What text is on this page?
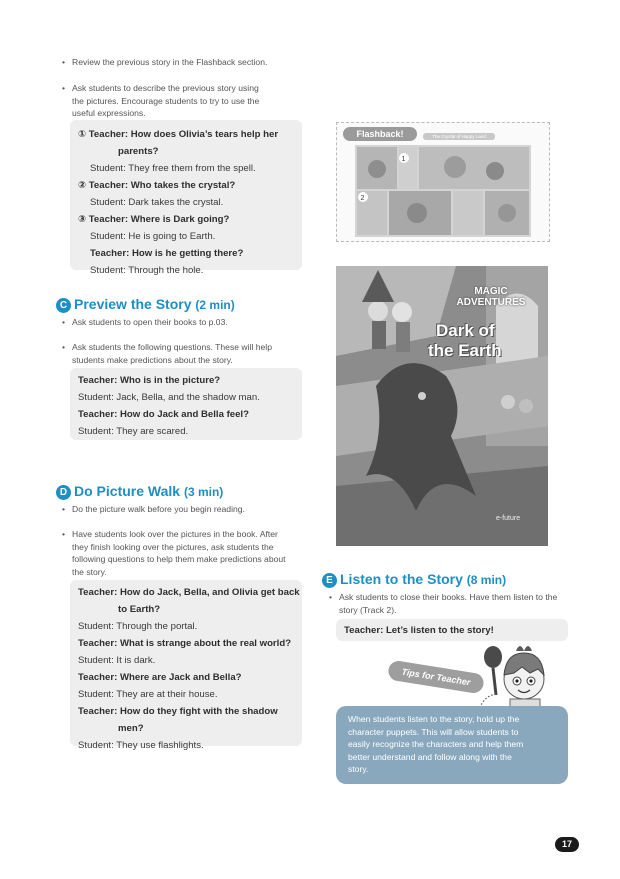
• Review the previous story in the Flashback section.
• Ask students to describe the previous story using
the pictures. Encourage students to try to use the
useful expressions.
① Teacher: How does Olivia’s tears help her
parents?
Student: They free them from the spell.
② Teacher: Who takes the crystal?
Student: Dark takes the crystal.
③ Teacher: Where is Dark going?
Student: He is going to Earth.
Teacher: How is he getting there?
Student: Through the hole.
Flashback!	The Crystal of Happy Land
1
2
MAGIC ADVENTURES
Dark of
the Earth
e-future
C Preview the Story (2 min)
• Ask students to open their books to p.03.
• Ask students the following questions. These will help
students make predictions about the story.
Teacher: Who is in the picture?
Student: Jack, Bella, and the shadow man.
Teacher: How do Jack and Bella feel?
Student: They are scared.
D Do Picture Walk (3 min)
• Do the picture walk before you begin reading.
• Have students look over the pictures in the book. After
they finish looking over the pictures, ask students the
following questions to help them make predictions about
the story.
Teacher: How do Jack, Bella, and Olivia get back
to Earth?
Student: Through the portal.
Teacher: What is strange about the real world?
Student: It is dark.
Teacher: Where are Jack and Bella?
Student: They are at their house.
Teacher: How do they fight with the shadow
men?
Student: They use flashlights.
E Listen to the Story (8 min)
• Ask students to close their books. Have them listen to the
story (Track 2).
Teacher: Let’s listen to the story!
Tips for Teacher
When students listen to the story, hold up the
character puppets. This will allow students to
easily recognize the characters and help them
better understand and follow along with the
story.
17
